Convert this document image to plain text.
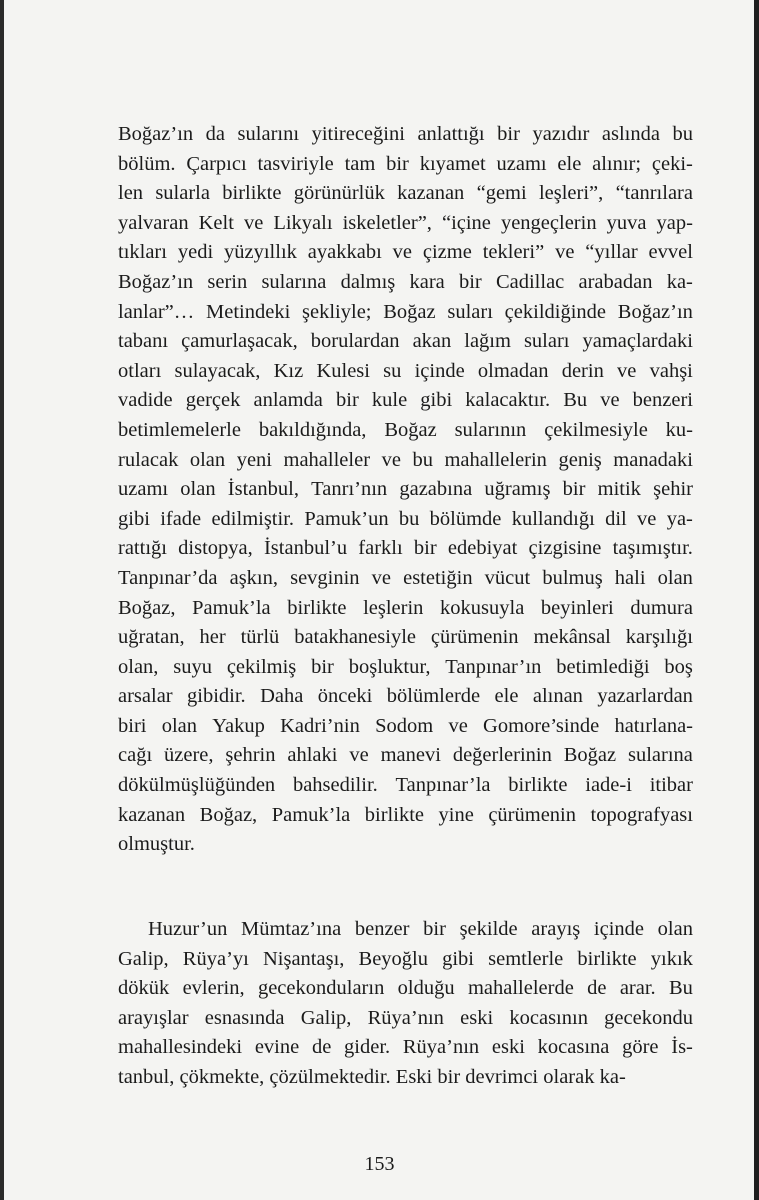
Boğaz’ın da sularını yitireceğini anlattığı bir yazıdır aslında bu
bölüm. Çarpıcı tasviriyle tam bir kıyamet uzamı ele alınır; çeki-
len sularla birlikte görünürlük kazanan “gemi leşleri”, “tanrılara
yalvaran Kelt ve Likyalı iskeletler”, “içine yengeçlerin yuva yap-
tıkları yedi yüzyıllık ayakkabı ve çizme tekleri” ve “yıllar evvel
Boğaz’ın serin sularına dalmış kara bir Cadillac arabadan ka-
lanlar”… Metindeki şekliyle; Boğaz suları çekildiğinde Boğaz’ın
tabanı çamurlaşacak, borulardan akan lağım suları yamaçlardaki
otları sulayacak, Kız Kulesi su içinde olmadan derin ve vahşi
vadide gerçek anlamda bir kule gibi kalacaktır. Bu ve benzeri
betimlemelerle bakıldığında, Boğaz sularının çekilmesiyle ku-
rulacak olan yeni mahalleler ve bu mahallelerin geniş manadaki
uzamı olan İstanbul, Tanrı’nın gazabına uğramış bir mitik şehir
gibi ifade edilmiştir. Pamuk’un bu bölümde kullandığı dil ve ya-
rattığı distopya, İstanbul’u farklı bir edebiyat çizgisine taşımıştır.
Tanpınar’da aşkın, sevginin ve estetiğin vücut bulmuş hali olan
Boğaz, Pamuk’la birlikte leşlerin kokusuyla beyinleri dumura
uğratan, her türlü batakhanesiyle çürümenin mekânsal karşılığı
olan, suyu çekilmiş bir boşluktur, Tanpınar’ın betimlediği boş
arsalar gibidir. Daha önceki bölümlerde ele alınan yazarlardan
biri olan Yakup Kadri’nin Sodom ve Gomore’sinde hatırlana-
cağı üzere, şehrin ahlaki ve manevi değerlerinin Boğaz sularına
dökülmüşlüğünden bahsedilir. Tanpınar’la birlikte iade-i itibar
kazanan Boğaz, Pamuk’la birlikte yine çürümenin topografyası
olmuştur.
Huzur’un Mümtaz’ına benzer bir şekilde arayış içinde olan
Galip, Rüya’yı Nişantaşı, Beyoğlu gibi semtlerle birlikte yıkık
dökük evlerin, gecekonduların olduğu mahallelerde de arar. Bu
arayışlar esnasında Galip, Rüya’nın eski kocasının gecekondu
mahallesindeki evine de gider. Rüya’nın eski kocasına göre İs-
tanbul, çökmekte, çözülmektedir. Eski bir devrimci olarak ka-
153
